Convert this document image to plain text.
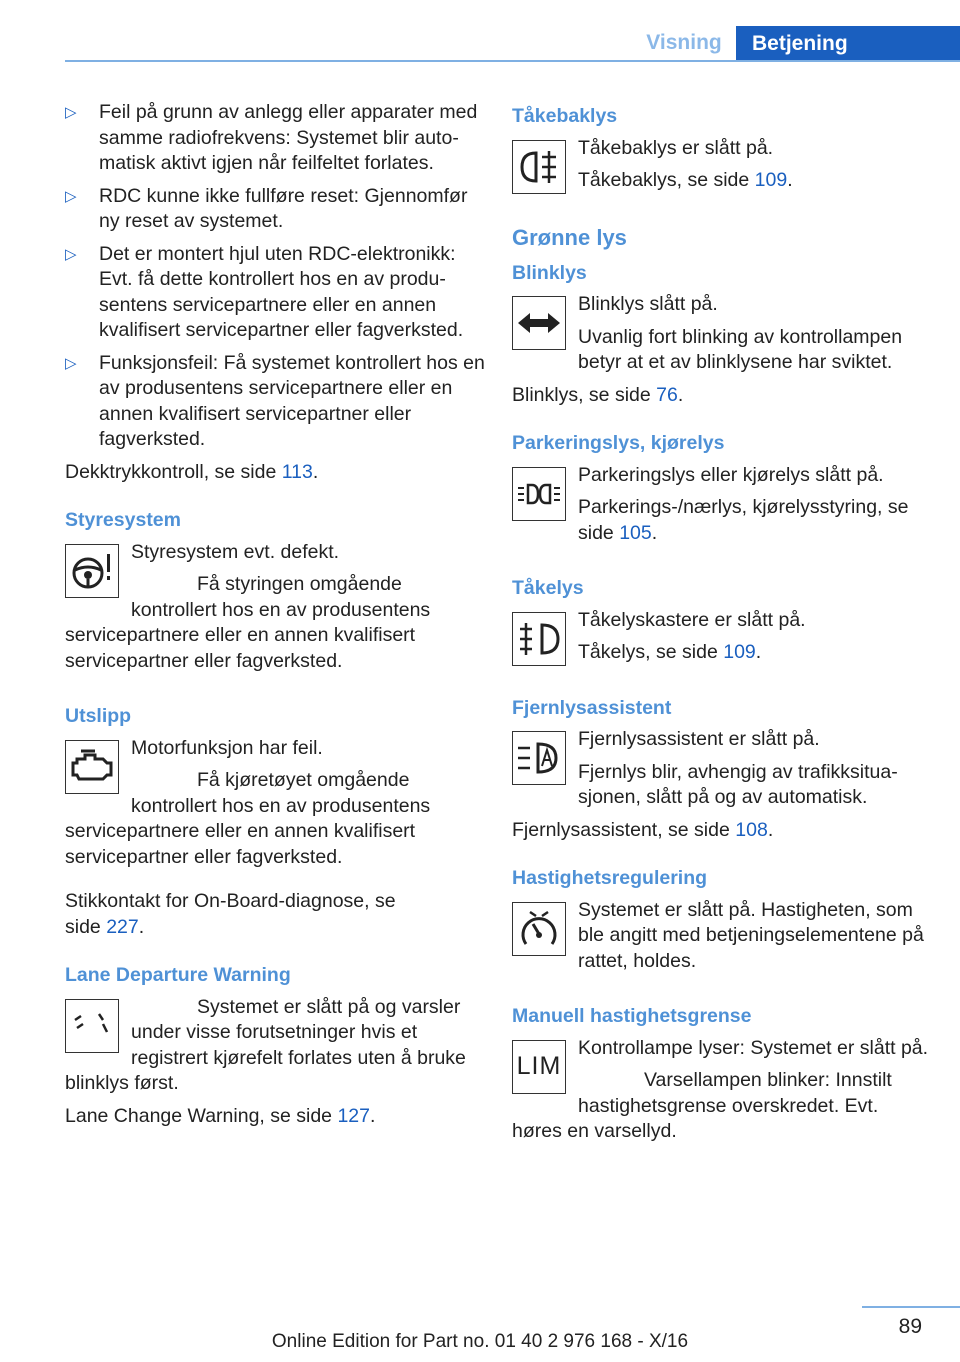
Visning	Betjening
▷ Feil på grunn av anlegg eller apparater med samme radiofrekvens: Systemet blir automatisk aktivt igjen når feilfeltet forlates.
▷ RDC kunne ikke fullføre reset: Gjennomfør ny reset av systemet.
▷ Det er montert hjul uten RDC-elektronikk: Evt. få dette kontrollert hos en av produsentens servicepartnere eller en annen kvalifisert servicepartner eller fagverksted.
▷ Funksjonsfeil: Få systemet kontrollert hos en av produsentens servicepartnere eller en annen kvalifisert servicepartner eller fagverksted.

Dekktrykkontroll, se side 113.

Styresystem

Styresystem evt. defekt.

Få styringen omgående kontrollert hos en av produsentens servicepartnere eller en annen kvalifisert servicepartner eller fagverksted.

Utslipp

Motorfunksjon har feil.

Få kjøretøyet omgående kontrollert hos en av produsentens servicepartnere eller en annen kvalifisert servicepartner eller fagverksted.

Stikkontakt for On-Board-diagnose, se side 227.

Lane Departure Warning

Systemet er slått på og varsler under visse forutsetninger hvis et registrert kjørefelt forlates uten å bruke blinklys først.

Lane Change Warning, se side 127.

Tåkebaklys

Tåkebaklys er slått på.

Tåkebaklys, se side 109.

Grønne lys
Blinklys

Blinklys slått på.

Uvanlig fort blinking av kontrollampen betyr at et av blinklysene har sviktet.

Blinklys, se side 76.

Parkeringslys, kjørelys

Parkeringslys eller kjørelys slått på.

Parkerings-/nærlys, kjørelysstyring, se side 105.

Tåkelys

Tåkelyskastere er slått på.

Tåkelys, se side 109.

Fjernlysassistent

Fjernlysassistent er slått på.

Fjernlys blir, avhengig av trafikksituasjonen, slått på og av automatisk.

Fjernlysassistent, se side 108.

Hastighetsregulering

Systemet er slått på. Hastigheten, som ble angitt med betjeningselementene på rattet, holdes.

Manuell hastighetsgrense
LIM

Kontrollampe lyser: Systemet er slått på.

Varsellampen blinker: Innstilt hastighetsgrense overskredet. Evt. høres en varsellyd.

89
Online Edition for Part no. 01 40 2 976 168 - X/16
